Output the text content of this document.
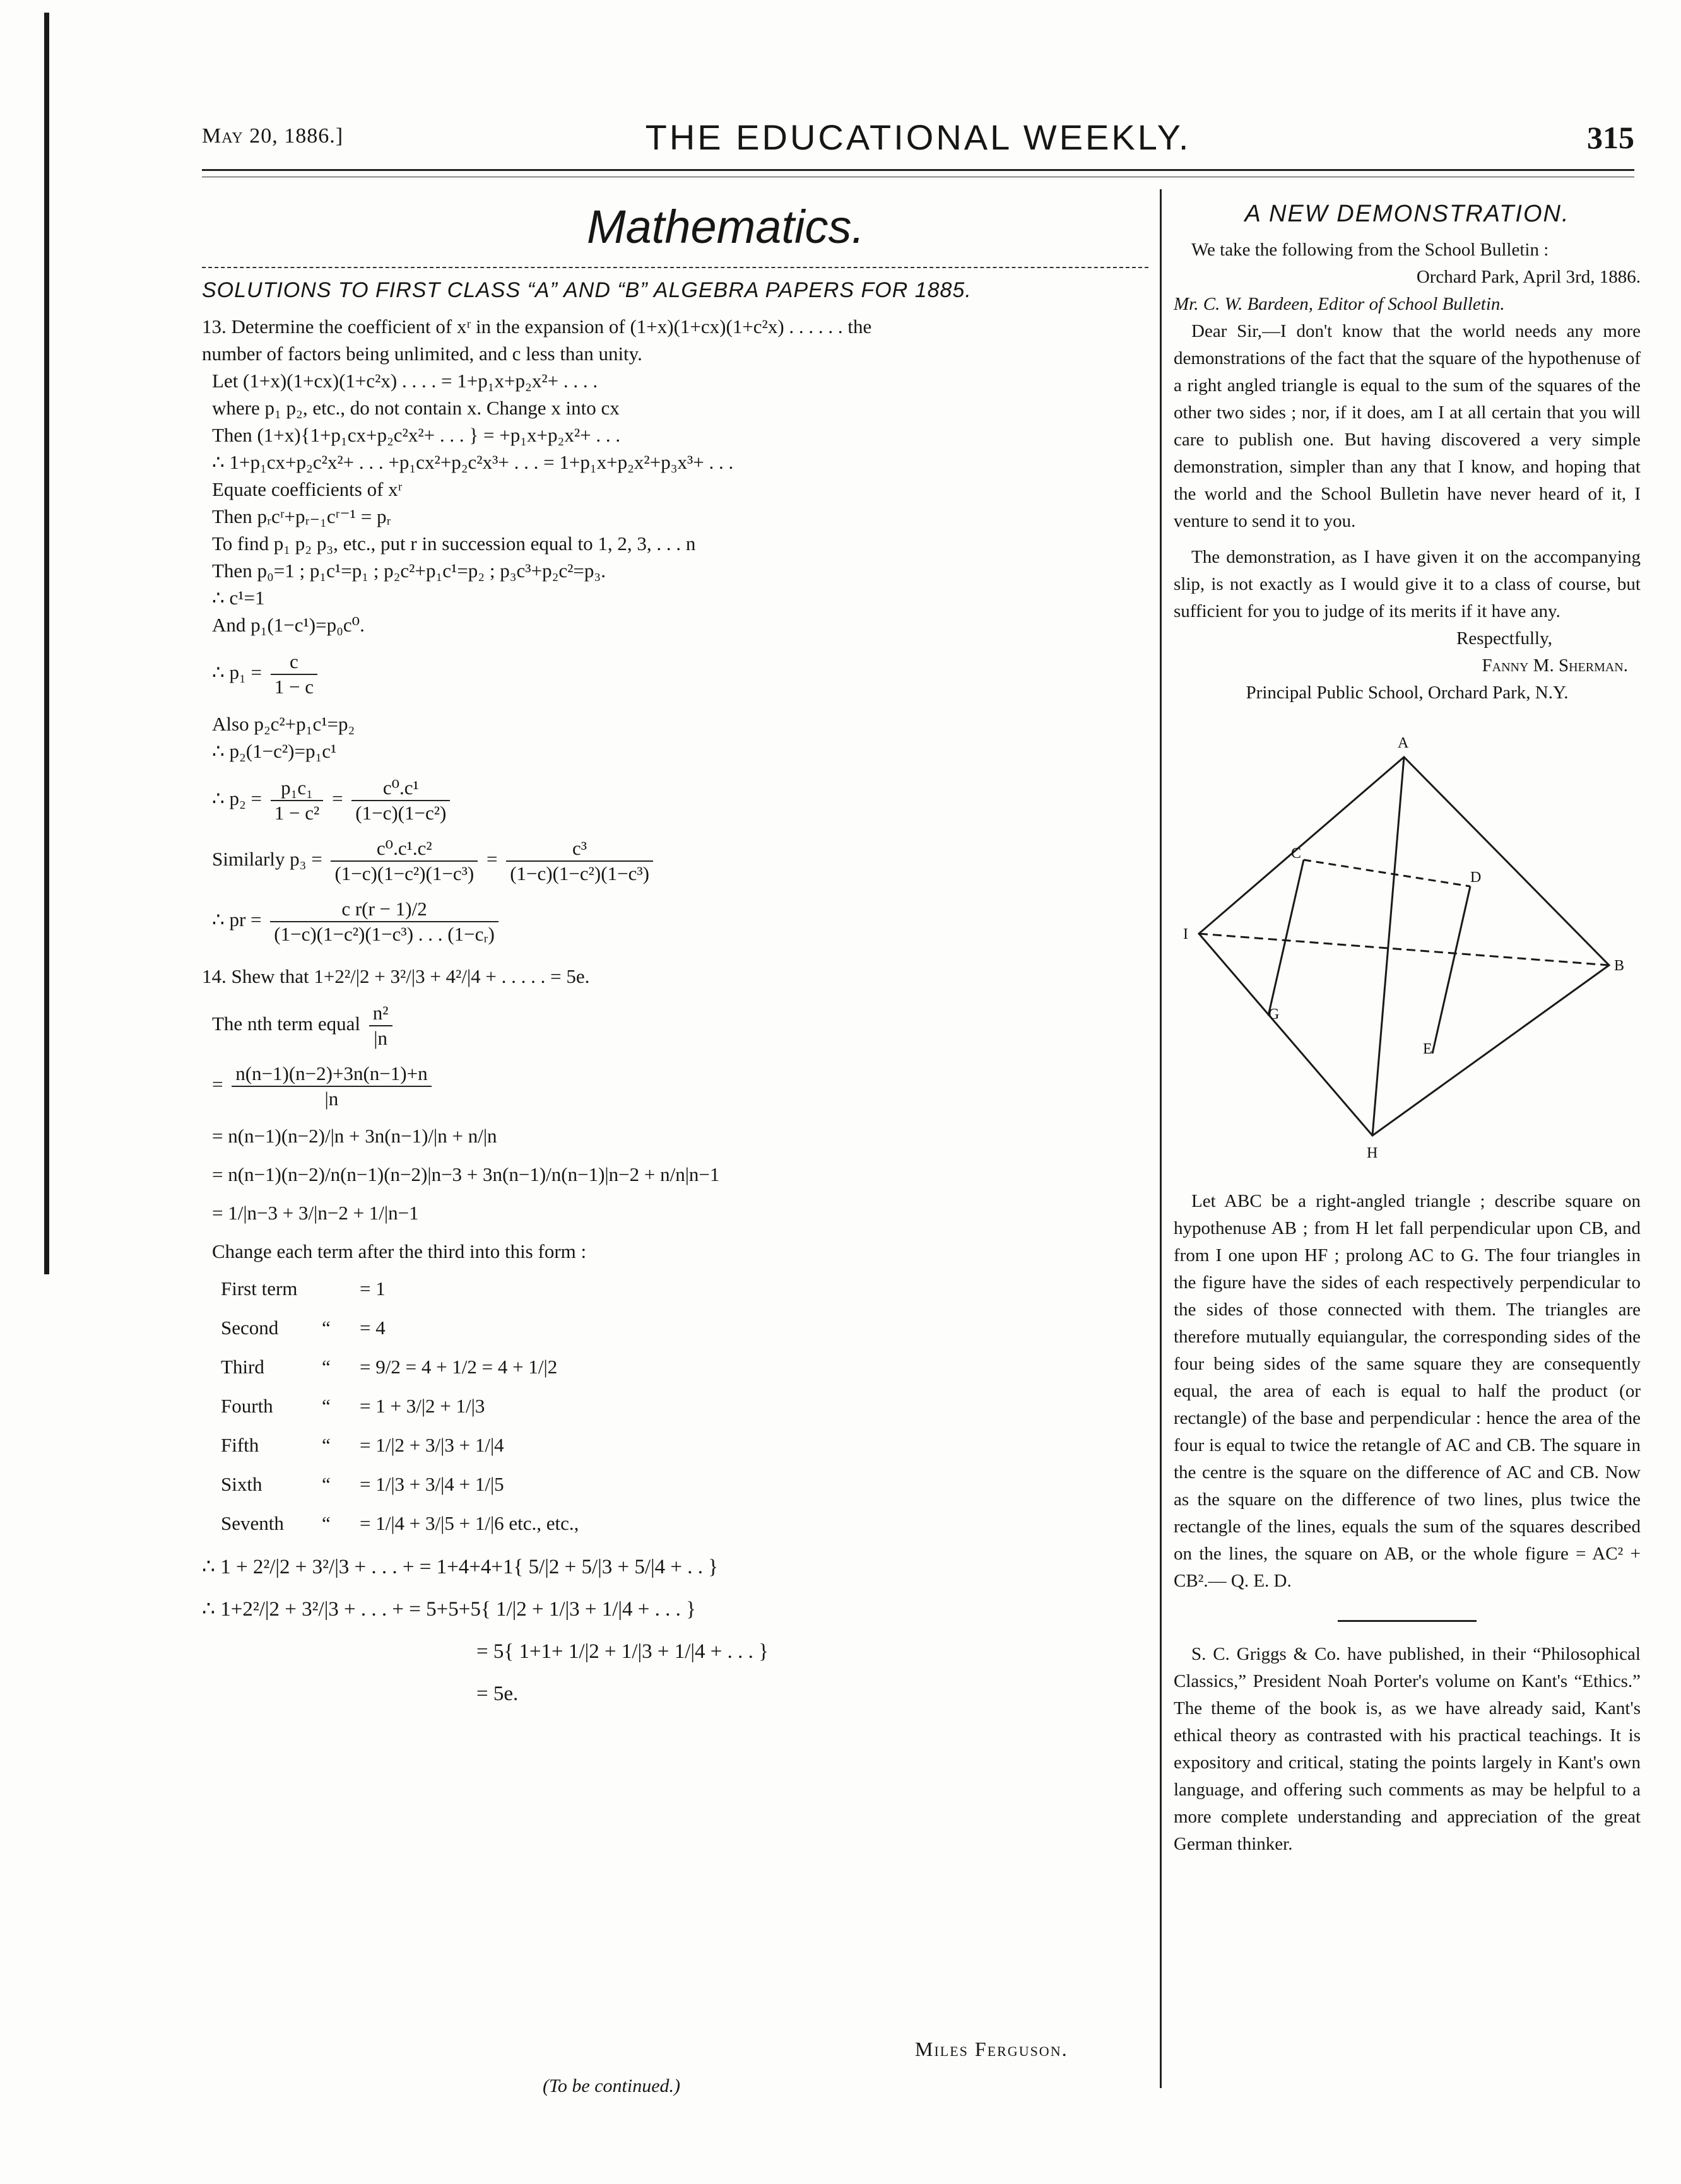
May 20, 1886.]	THE EDUCATIONAL WEEKLY.	315
Mathematics.
SOLUTIONS TO FIRST CLASS “A” AND “B” ALGEBRA PAPERS FOR 1885.
13. Determine the coefficient of xʳ in the expansion of (1+x)(1+cx)(1+c²x) . . . . . . the
number of factors being unlimited, and c less than unity.
Let (1+x)(1+cx)(1+c²x) . . . . = 1+p₁x+p₂x²+ . . . .
where p₁ p₂, etc., do not contain x. Change x into cx
Then (1+x){1+p₁cx+p₂c²x²+ . . . } = +p₁x+p₂x²+ . . .
∴ 1+p₁cx+p₂c²x²+ . . . +p₁cx²+p₂c²x³+ . . . = 1+p₁x+p₂x²+p₃x³+ . . .
Equate coefficients of xʳ
Then pᵣcʳ+pᵣ₋₁cʳ⁻¹ = pᵣ
To find p₁ p₂ p₃, etc., put r in succession equal to 1, 2, 3, . . . n
Then p₀=1 ; p₁c¹=p₁ ; p₂c²+p₁c¹=p₂ ; p₃c³+p₂c²=p₃.
∴ c¹=1
And p₁(1−c¹)=p₀c⁰.
∴ $p_1 = \frac{c}{1 - c}$
Also p₂c²+p₁c¹=p₂
∴ p₂(1−c²)=p₁c¹
∴ $p_2 = \frac{\text{p₁c₁}}{\text{1 − c²}} = \frac{\text{c⁰.c¹}}{\text{(1−c)(1−c²)}}$
Similarly $p_3 = \frac{\text{c⁰.c¹.c²}}{\text{(1−c)(1−c²)(1−c³)}} = \frac{\text{c³}}{\text{(1−c)(1−c²)(1−c³)}}$
∴ pr = $\frac{\text{c r(r − 1)/2}}{\text{(1−c)(1−c²)(1−c³) . . . (1−cᵣ)}}$
14. Shew that 1+2²/|2 + 3²/|3 + 4²/|4 + . . . . . = 5e.
The nth term equal $\frac{\text{n²}}{|n}$
= $\frac{n(n-1)(n-2)+3n(n-1)+n}{|n}$
= n(n−1)(n−2)/|n + 3n(n−1)/|n + n/|n
= n(n−1)(n−2)/n(n−1)(n−2)|n−3 + 3n(n−1)/n(n−1)|n−2 + n/n|n−1
= 1/|n−3 + 3/|n−2 + 1/|n−1
Change each term after the third into this form :
First term	= 1
Second	“	= 4
Third	“	= 9/2 = 4 + 1/2 = 4 + 1/|2
Fourth	“	= 1 + 3/|2 + 1/|3
Fifth	“	= 1/|2 + 3/|3 + 1/|4
Sixth	“	= 1/|3 + 3/|4 + 1/|5
Seventh	“	= 1/|4 + 3/|5 + 1/|6 etc., etc.,
∴ 1 + 2²/|2 + 3²/|3 + . . . + = 1+4+4+1{ 5/|2 + 5/|3 + 5/|4 + . . }
∴ 1+2²/|2 + 3²/|3 + . . . + = 5+5+5{ 1/|2 + 1/|3 + 1/|4 + . . . }
= 5{ 1+1+ 1/|2 + 1/|3 + 1/|4 + . . . }
= 5e.
Miles Ferguson.
(To be continued.)
A NEW DEMONSTRATION.

We take the following from the School Bulletin :

Orchard Park, April 3rd, 1886.

Mr. C. W. Bardeen, Editor of School Bulletin.

Dear Sir,—I don't know that the world needs any more demonstrations of the fact that the square of the hypothenuse of a right angled triangle is equal to the sum of the squares of the other two sides ; nor, if it does, am I at all certain that you will care to publish one. But having discovered a very simple demonstration, simpler than any that I know, and hoping that the world and the School Bulletin have never heard of it, I venture to send it to you.

The demonstration, as I have given it on the accompanying slip, is not exactly as I would give it to a class of course, but sufficient for you to judge of its merits if it have any.

Respectfully,

Fanny M. Sherman.

Principal Public School, Orchard Park, N.Y.

A
B
C
D
E
G
H
I

Let ABC be a right-angled triangle ; describe square on hypothenuse AB ; from H let fall perpendicular upon CB, and from I one upon HF ; prolong AC to G. The four triangles in the figure have the sides of each respectively perpendicular to the sides of those connected with them. The triangles are therefore mutually equiangular, the corresponding sides of the four being sides of the same square they are consequently equal, the area of each is equal to half the product (or rectangle) of the base and perpendicular : hence the area of the four is equal to twice the retangle of AC and CB. The square in the centre is the square on the difference of AC and CB. Now as the square on the difference of two lines, plus twice the rectangle of the lines, equals the sum of the squares described on the lines, the square on AB, or the whole figure = AC² + CB².— Q. E. D.

S. C. Griggs & Co. have published, in their “Philosophical Classics,” President Noah Porter's volume on Kant's “Ethics.” The theme of the book is, as we have already said, Kant's ethical theory as contrasted with his practical teachings. It is expository and critical, stating the points largely in Kant's own language, and offering such comments as may be helpful to a more complete understanding and appreciation of the great German thinker.
